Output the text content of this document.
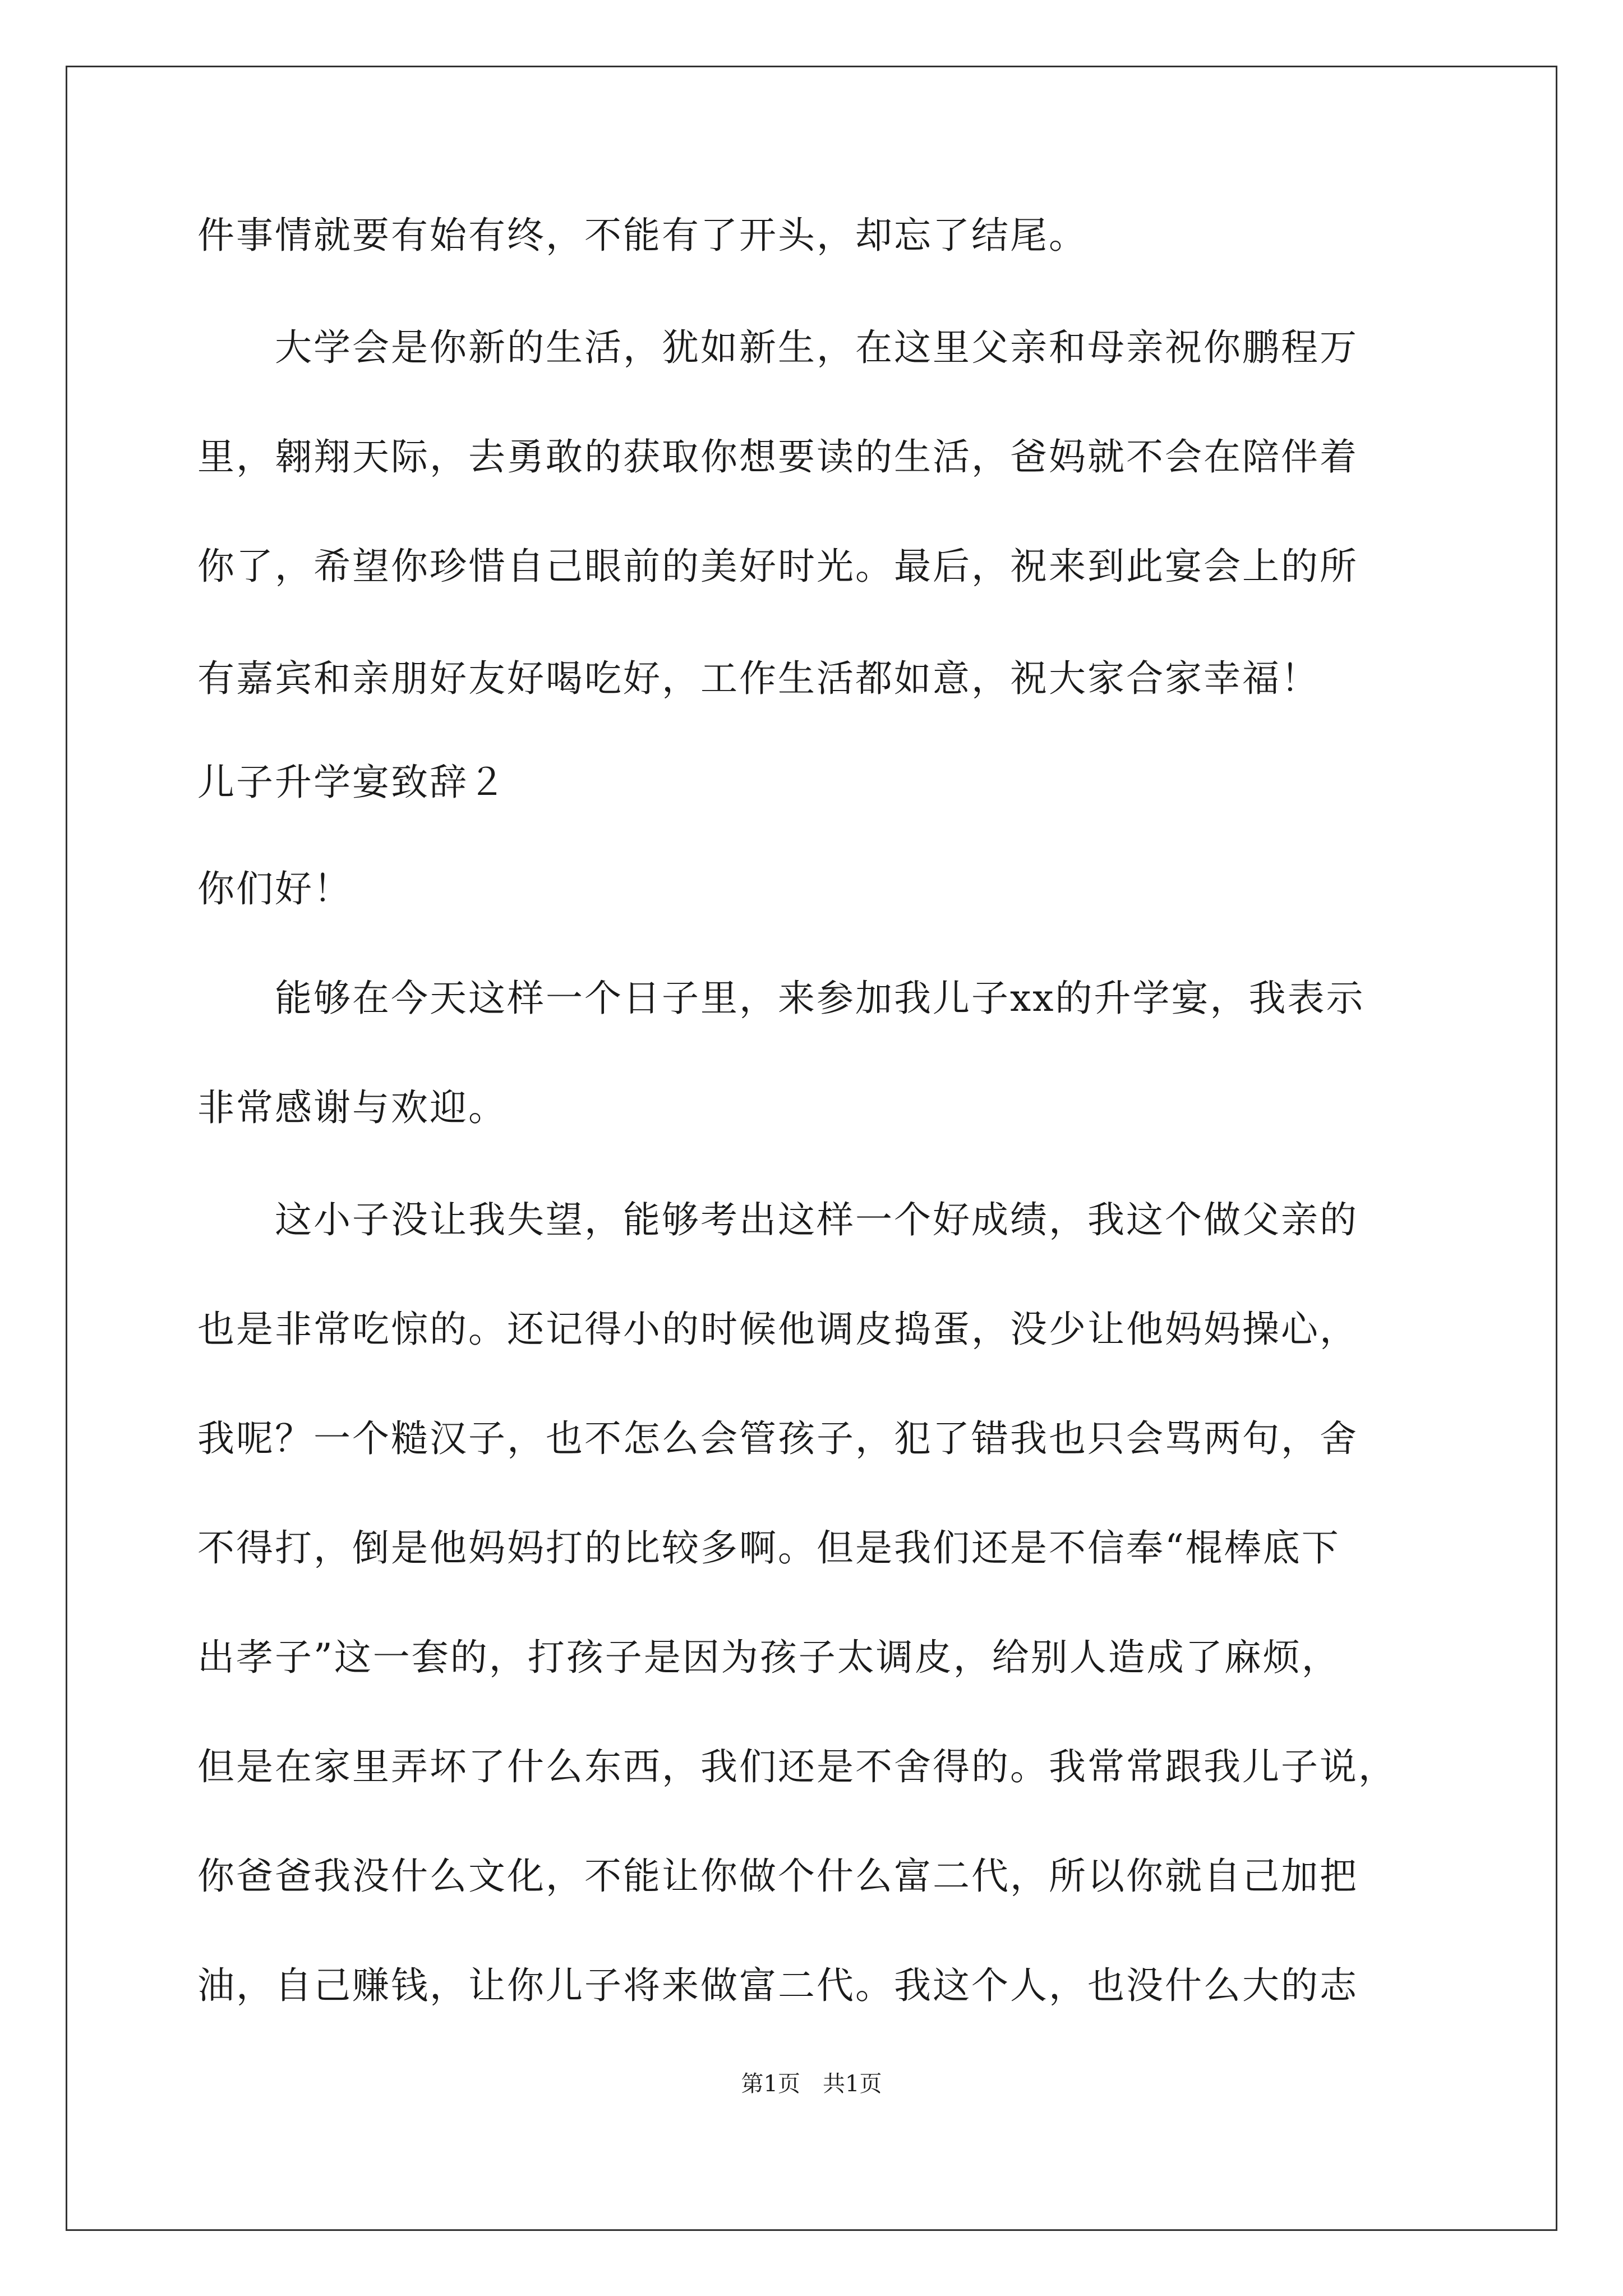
件事情就要有始有终，不能有了开头，却忘了结尾。
　　大学会是你新的生活，犹如新生，在这里父亲和母亲祝你鹏程万
里，翱翔天际，去勇敢的获取你想要读的生活，爸妈就不会在陪伴着
你了，希望你珍惜自己眼前的美好时光。最后，祝来到此宴会上的所
有嘉宾和亲朋好友好喝吃好，工作生活都如意，祝大家合家幸福！
儿子升学宴致辞２
你们好！
　　能够在今天这样一个日子里，来参加我儿子xx的升学宴，我表示
非常感谢与欢迎。
　　这小子没让我失望，能够考出这样一个好成绩，我这个做父亲的
也是非常吃惊的。还记得小的时候他调皮捣蛋，没少让他妈妈操心，
我呢？一个糙汉子，也不怎么会管孩子，犯了错我也只会骂两句，舍
不得打，倒是他妈妈打的比较多啊。但是我们还是不信奉“棍棒底下
出孝子”这一套的，打孩子是因为孩子太调皮，给别人造成了麻烦，
但是在家里弄坏了什么东西，我们还是不舍得的。我常常跟我儿子说，
你爸爸我没什么文化，不能让你做个什么富二代，所以你就自己加把
油，自己赚钱，让你儿子将来做富二代。我这个人，也没什么大的志
第1页　共1页
